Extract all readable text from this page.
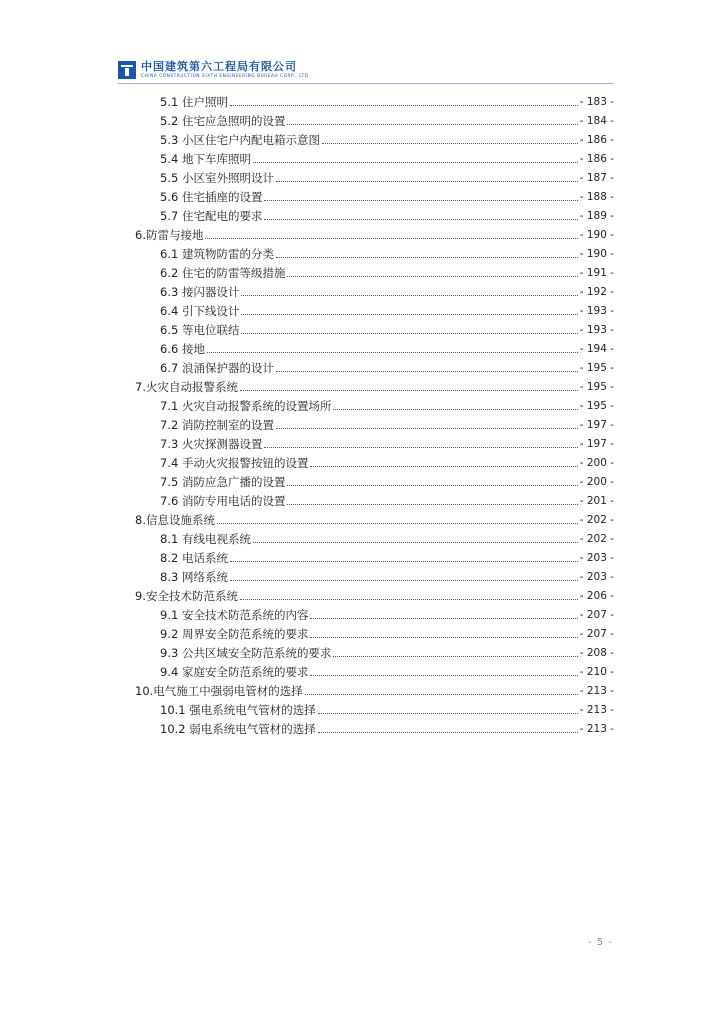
中国建筑第六工程局有限公司
CHINA CONSTRUCTION SIXTH ENGINEERING BUREAU CORP., LTD
5.1 住户照明	- 183 -
5.2 住宅应急照明的设置	- 184 -
5.3 小区住宅户内配电箱示意图	- 186 -
5.4 地下车库照明	- 186 -
5.5 小区室外照明设计	- 187 -
5.6 住宅插座的设置	- 188 -
5.7 住宅配电的要求	- 189 -
6.防雷与接地	- 190 -
6.1 建筑物防雷的分类	- 190 -
6.2 住宅的防雷等级措施	- 191 -
6.3 接闪器设计	- 192 -
6.4 引下线设计	- 193 -
6.5 等电位联结	- 193 -
6.6 接地	- 194 -
6.7 浪涌保护器的设计	- 195 -
7.火灾自动报警系统	- 195 -
7.1 火灾自动报警系统的设置场所	- 195 -
7.2 消防控制室的设置	- 197 -
7.3 火灾探测器设置	- 197 -
7.4 手动火灾报警按钮的设置	- 200 -
7.5 消防应急广播的设置	- 200 -
7.6 消防专用电话的设置	- 201 -
8.信息设施系统	- 202 -
8.1 有线电视系统	- 202 -
8.2 电话系统	- 203 -
8.3 网络系统	- 203 -
9.安全技术防范系统	- 206 -
9.1 安全技术防范系统的内容	- 207 -
9.2 周界安全防范系统的要求	- 207 -
9.3 公共区域安全防范系统的要求	- 208 -
9.4 家庭安全防范系统的要求	- 210 -
10.电气施工中强弱电管材的选择	- 213 -
10.1 强电系统电气管材的选择	- 213 -
10.2 弱电系统电气管材的选择	- 213 -
- 5 -
